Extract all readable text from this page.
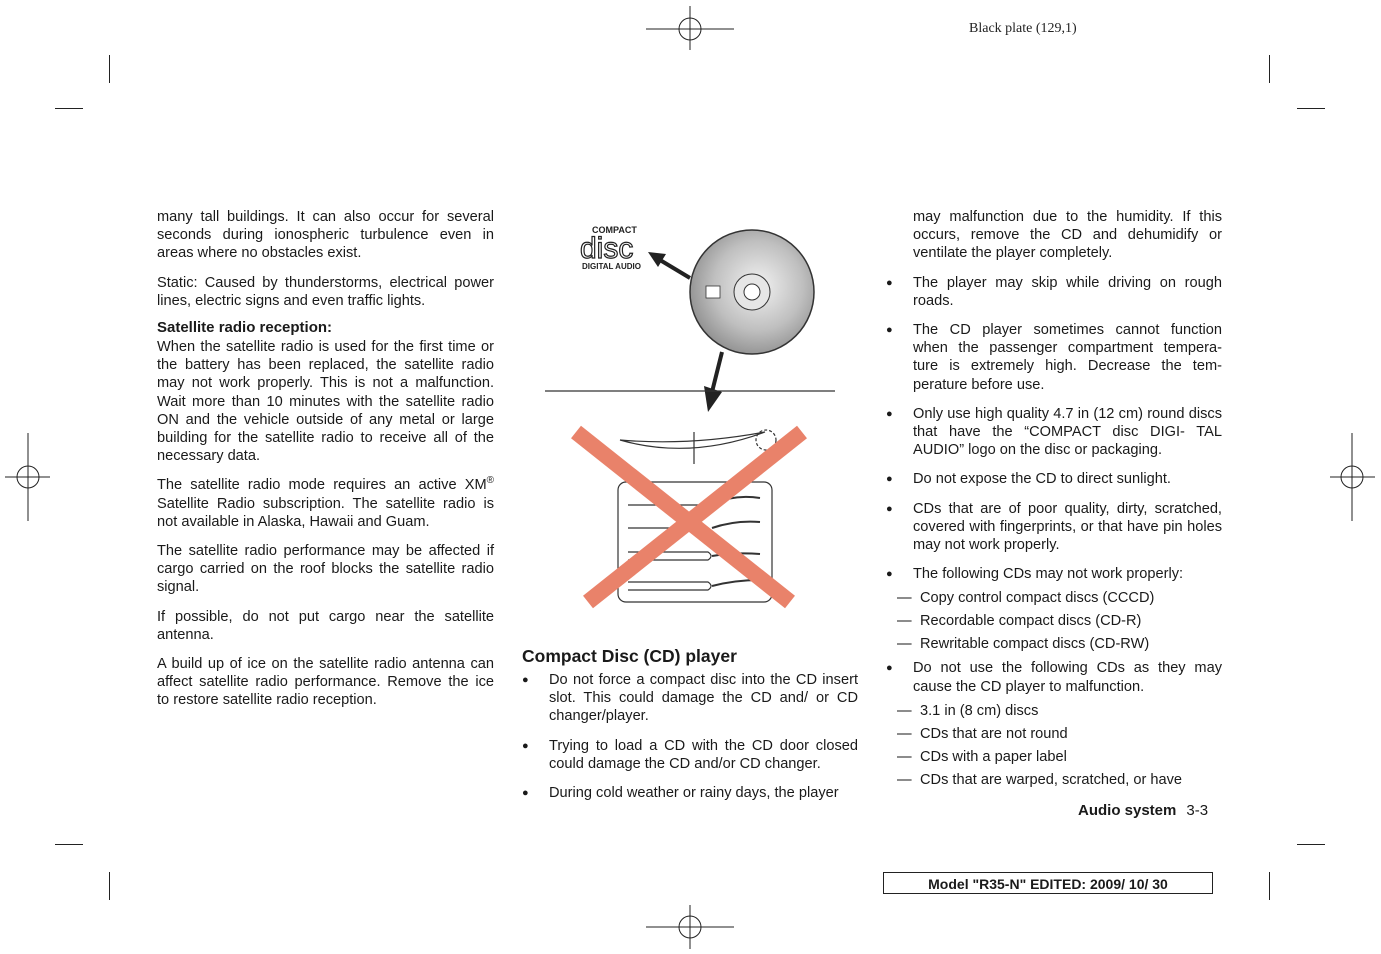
Black plate (129,1)

many tall buildings. It can also occur for several seconds during ionospheric turbulence even in areas where no obstacles exist.

Static: Caused by thunderstorms, electrical power lines, electric signs and even traffic lights.

Satellite radio reception:

When the satellite radio is used for the first time or the battery has been replaced, the satellite radio may not work properly. This is not a malfunction. Wait more than 10 minutes with the satellite radio ON and the vehicle outside of any metal or large building for the satellite radio to receive all of the necessary data.

The satellite radio mode requires an active XM® Satellite Radio subscription. The satellite radio is not available in Alaska, Hawaii and Guam.

The satellite radio performance may be affected if cargo carried on the roof blocks the satellite radio signal.

If possible, do not put cargo near the satellite antenna.

A build up of ice on the satellite radio antenna can affect satellite radio performance. Remove the ice to restore satellite radio reception.

COMPACT
disc
DIGITAL AUDIO
Compact Disc (CD) player
● Do not force a compact disc into the CD insert slot. This could damage the CD and/ or CD changer/player.
● Trying to load a CD with the CD door closed could damage the CD and/or CD changer.
● During cold weather or rainy days, the player

may malfunction due to the humidity. If this occurs, remove the CD and dehumidify or ventilate the player completely.

● The player may skip while driving on rough roads.
● The CD player sometimes cannot function when the passenger compartment tempera- ture is extremely high. Decrease the tem- perature before use.
● Only use high quality 4.7 in (12 cm) round discs that have the “COMPACT disc DIGI- TAL AUDIO” logo on the disc or packaging.
● Do not expose the CD to direct sunlight.
● CDs that are of poor quality, dirty, scratched, covered with fingerprints, or that have pin holes may not work properly.
● The following CDs may not work properly:
— Copy control compact discs (CCCD)
— Recordable compact discs (CD-R)
— Rewritable compact discs (CD-RW)
● Do not use the following CDs as they may cause the CD player to malfunction.
— 3.1 in (8 cm) discs
— CDs that are not round
— CDs with a paper label
— CDs that are warped, scratched, or have
Audio system 3-3
Model "R35-N" EDITED: 2009/ 10/ 30
